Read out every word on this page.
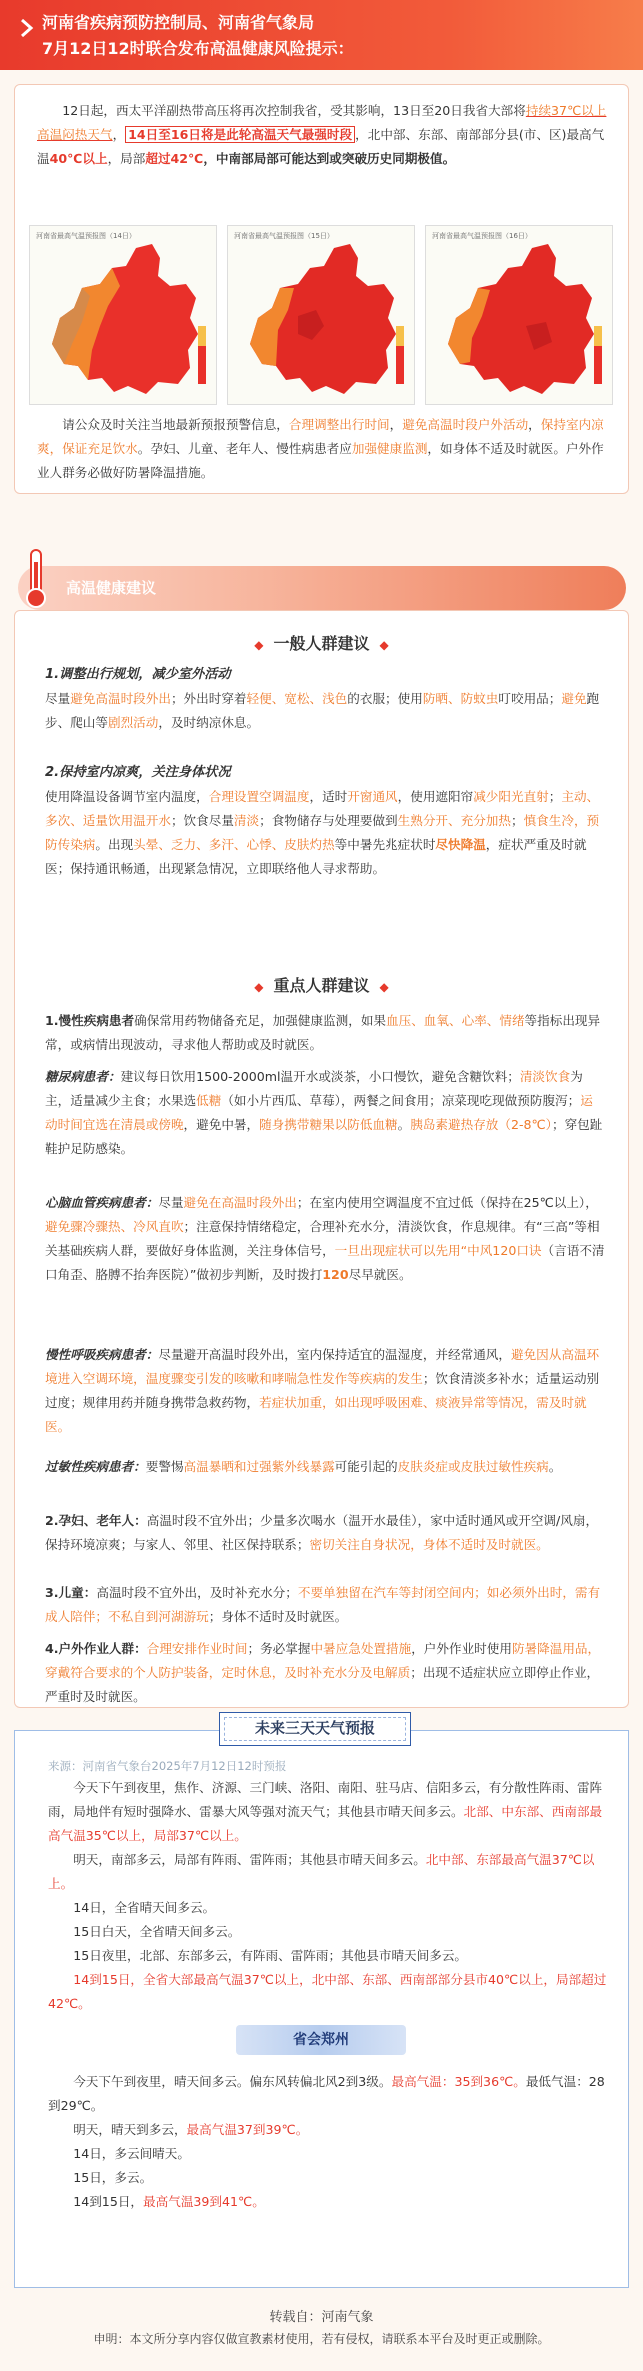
河南省疾病预防控制局、河南省气象局
7月12日12时联合发布高温健康风险提示：

12日起，西太平洋副热带高压将再次控制我省，受其影响，13日至20日我省大部将持续37℃以上高温闷热天气， 14日至16日将是此轮高温天气最强时段 ，北中部、东部、南部部分县(市、区)最高气温40℃以上，局部超过42℃，中南部局部可能达到或突破历史同期极值。

河南省最高气温预报图（14日）	河南省最高气温预报图（15日）	河南省最高气温预报图（16日）

请公众及时关注当地最新预报预警信息，合理调整出行时间，避免高温时段户外活动，保持室内凉爽，保证充足饮水。孕妇、儿童、老年人、慢性病患者应加强健康监测，如身体不适及时就医。户外作业人群务必做好防暑降温措施。

高温健康建议
◆ 一般人群建议 ◆
1.调整出行规划，减少室外活动

尽量避免高温时段外出；外出时穿着轻便、宽松、浅色的衣服；使用防晒、防蚊虫叮咬用品；避免跑步、爬山等剧烈活动，及时纳凉休息。

2.保持室内凉爽，关注身体状况

使用降温设备调节室内温度，合理设置空调温度，适时开窗通风，使用遮阳帘减少阳光直射；主动、多次、适量饮用温开水；饮食尽量清淡；食物储存与处理要做到生熟分开、充分加热；慎食生冷，预防传染病。出现头晕、乏力、多汗、心悸、皮肤灼热等中暑先兆症状时尽快降温，症状严重及时就医；保持通讯畅通，出现紧急情况，立即联络他人寻求帮助。

◆ 重点人群建议 ◆

1.慢性疾病患者确保常用药物储备充足，加强健康监测，如果血压、血氧、心率、情绪等指标出现异常，或病情出现波动，寻求他人帮助或及时就医。

糖尿病患者：建议每日饮用1500-2000ml温开水或淡茶，小口慢饮，避免含糖饮料；清淡饮食为主，适量减少主食；水果选低糖（如小片西瓜、草莓），两餐之间食用；凉菜现吃现做预防腹泻；运动时间宜选在清晨或傍晚，避免中暑，随身携带糖果以防低血糖。胰岛素避热存放（2-8℃）；穿包趾鞋护足防感染。

心脑血管疾病患者：尽量避免在高温时段外出；在室内使用空调温度不宜过低（保持在25℃以上），避免骤冷骤热、冷风直吹；注意保持情绪稳定，合理补充水分，清淡饮食，作息规律。有“三高”等相关基础疾病人群，要做好身体监测，关注身体信号，一旦出现症状可以先用“中风120口诀（言语不清口角歪、胳膊不抬奔医院）”做初步判断，及时拨打120尽早就医。

慢性呼吸疾病患者：尽量避开高温时段外出，室内保持适宜的温湿度，并经常通风，避免因从高温环境进入空调环境，温度骤变引发的咳嗽和哮喘急性发作等疾病的发生；饮食清淡多补水；适量运动别过度；规律用药并随身携带急救药物，若症状加重，如出现呼吸困难、痰液异常等情况，需及时就医。

过敏性疾病患者：要警惕高温暴晒和过强紫外线暴露可能引起的皮肤炎症或皮肤过敏性疾病。

2.孕妇、老年人：高温时段不宜外出；少量多次喝水（温开水最佳），家中适时通风或开空调/风扇，保持环境凉爽；与家人、邻里、社区保持联系；密切关注自身状况，身体不适时及时就医。

3.儿童：高温时段不宜外出，及时补充水分；不要单独留在汽车等封闭空间内；如必须外出时，需有成人陪伴；不私自到河湖游玩；身体不适时及时就医。

4.户外作业人群：合理安排作业时间；务必掌握中暑应急处置措施，户外作业时使用防暑降温用品，穿戴符合要求的个人防护装备，定时休息，及时补充水分及电解质；出现不适症状应立即停止作业，严重时及时就医。

未来三天天气预报
来源：河南省气象台2025年7月12日12时预报

今天下午到夜里，焦作、济源、三门峡、洛阳、南阳、驻马店、信阳多云，有分散性阵雨、雷阵雨，局地伴有短时强降水、雷暴大风等强对流天气；其他县市晴天间多云。北部、中东部、西南部最高气温35℃以上，局部37℃以上。

明天，南部多云，局部有阵雨、雷阵雨；其他县市晴天间多云。北中部、东部最高气温37℃以上。

14日，全省晴天间多云。

15日白天，全省晴天间多云。

15日夜里，北部、东部多云，有阵雨、雷阵雨；其他县市晴天间多云。

14到15日，全省大部最高气温37℃以上，北中部、东部、西南部部分县市40℃以上，局部超过42℃。

省会郑州

今天下午到夜里，晴天间多云。偏东风转偏北风2到3级。最高气温：35到36℃。最低气温：28到29℃。

明天，晴天到多云，最高气温37到39℃。

14日，多云间晴天。

15日，多云。

14到15日，最高气温39到41℃。

转载自：河南气象
申明：本文所分享内容仅做宣教素材使用，若有侵权，请联系本平台及时更正或删除。
